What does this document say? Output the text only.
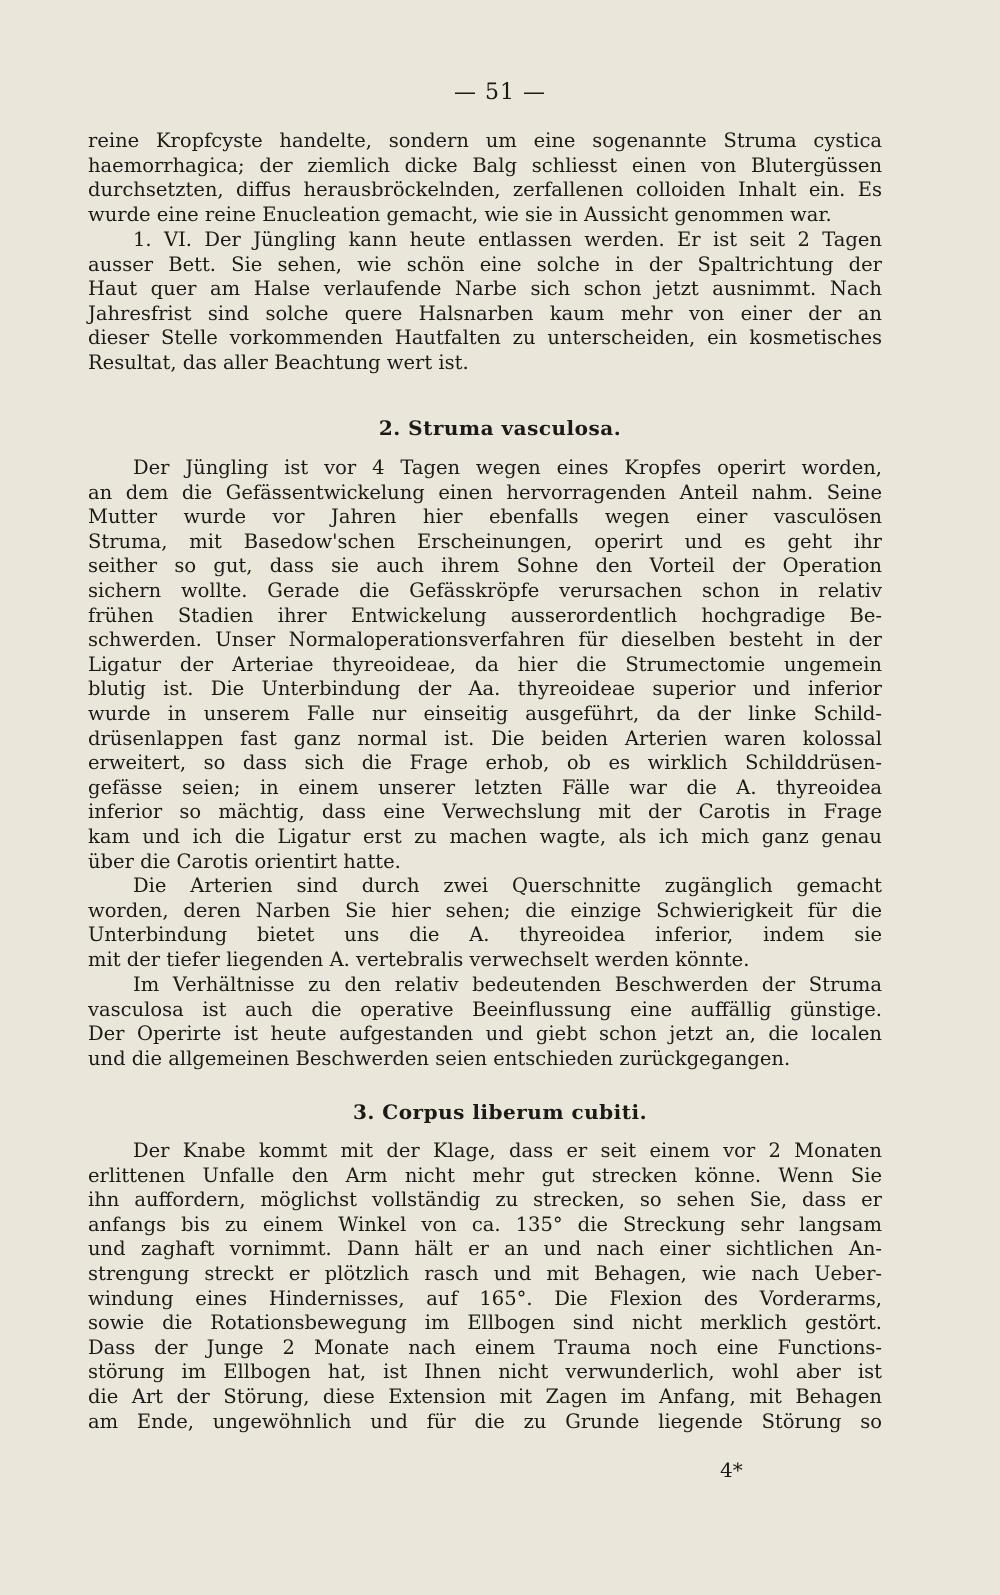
— 51 —
reine Kropfcyste handelte, sondern um eine sogenannte Struma cystica
haemorrhagica; der ziemlich dicke Balg schliesst einen von Blutergüssen
durchsetzten, diffus herausbröckelnden, zerfallenen colloiden Inhalt ein. Es
wurde eine reine Enucleation gemacht, wie sie in Aussicht genommen war.
1. VI. Der Jüngling kann heute entlassen werden. Er ist seit 2 Tagen
ausser Bett. Sie sehen, wie schön eine solche in der Spaltrichtung der
Haut quer am Halse verlaufende Narbe sich schon jetzt ausnimmt. Nach
Jahresfrist sind solche quere Halsnarben kaum mehr von einer der an
dieser Stelle vorkommenden Hautfalten zu unterscheiden, ein kosmetisches
Resultat, das aller Beachtung wert ist.
2. Struma vasculosa.
Der Jüngling ist vor 4 Tagen wegen eines Kropfes operirt worden,
an dem die Gefässentwickelung einen hervorragenden Anteil nahm. Seine
Mutter wurde vor Jahren hier ebenfalls wegen einer vasculösen
Struma, mit Basedow'schen Erscheinungen, operirt und es geht ihr
seither so gut, dass sie auch ihrem Sohne den Vorteil der Operation
sichern wollte. Gerade die Gefässkröpfe verursachen schon in relativ
frühen Stadien ihrer Entwickelung ausserordentlich hochgradige Be-
schwerden. Unser Normaloperationsverfahren für dieselben besteht in der
Ligatur der Arteriae thyreoideae, da hier die Strumectomie ungemein
blutig ist. Die Unterbindung der Aa. thyreoideae superior und inferior
wurde in unserem Falle nur einseitig ausgeführt, da der linke Schild-
drüsenlappen fast ganz normal ist. Die beiden Arterien waren kolossal
erweitert, so dass sich die Frage erhob, ob es wirklich Schilddrüsen-
gefässe seien; in einem unserer letzten Fälle war die A. thyreoidea
inferior so mächtig, dass eine Verwechslung mit der Carotis in Frage
kam und ich die Ligatur erst zu machen wagte, als ich mich ganz genau
über die Carotis orientirt hatte.
Die Arterien sind durch zwei Querschnitte zugänglich gemacht
worden, deren Narben Sie hier sehen; die einzige Schwierigkeit für die
Unterbindung bietet uns die A. thyreoidea inferior, indem sie
mit der tiefer liegenden A. vertebralis verwechselt werden könnte.
Im Verhältnisse zu den relativ bedeutenden Beschwerden der Struma
vasculosa ist auch die operative Beeinflussung eine auffällig günstige.
Der Operirte ist heute aufgestanden und giebt schon jetzt an, die localen
und die allgemeinen Beschwerden seien entschieden zurückgegangen.
3. Corpus liberum cubiti.
Der Knabe kommt mit der Klage, dass er seit einem vor 2 Monaten
erlittenen Unfalle den Arm nicht mehr gut strecken könne. Wenn Sie
ihn auffordern, möglichst vollständig zu strecken, so sehen Sie, dass er
anfangs bis zu einem Winkel von ca. 135° die Streckung sehr langsam
und zaghaft vornimmt. Dann hält er an und nach einer sichtlichen An-
strengung streckt er plötzlich rasch und mit Behagen, wie nach Ueber-
windung eines Hindernisses, auf 165°. Die Flexion des Vorderarms,
sowie die Rotationsbewegung im Ellbogen sind nicht merklich gestört.
Dass der Junge 2 Monate nach einem Trauma noch eine Functions-
störung im Ellbogen hat, ist Ihnen nicht verwunderlich, wohl aber ist
die Art der Störung, diese Extension mit Zagen im Anfang, mit Behagen
am Ende, ungewöhnlich und für die zu Grunde liegende Störung so
4*
